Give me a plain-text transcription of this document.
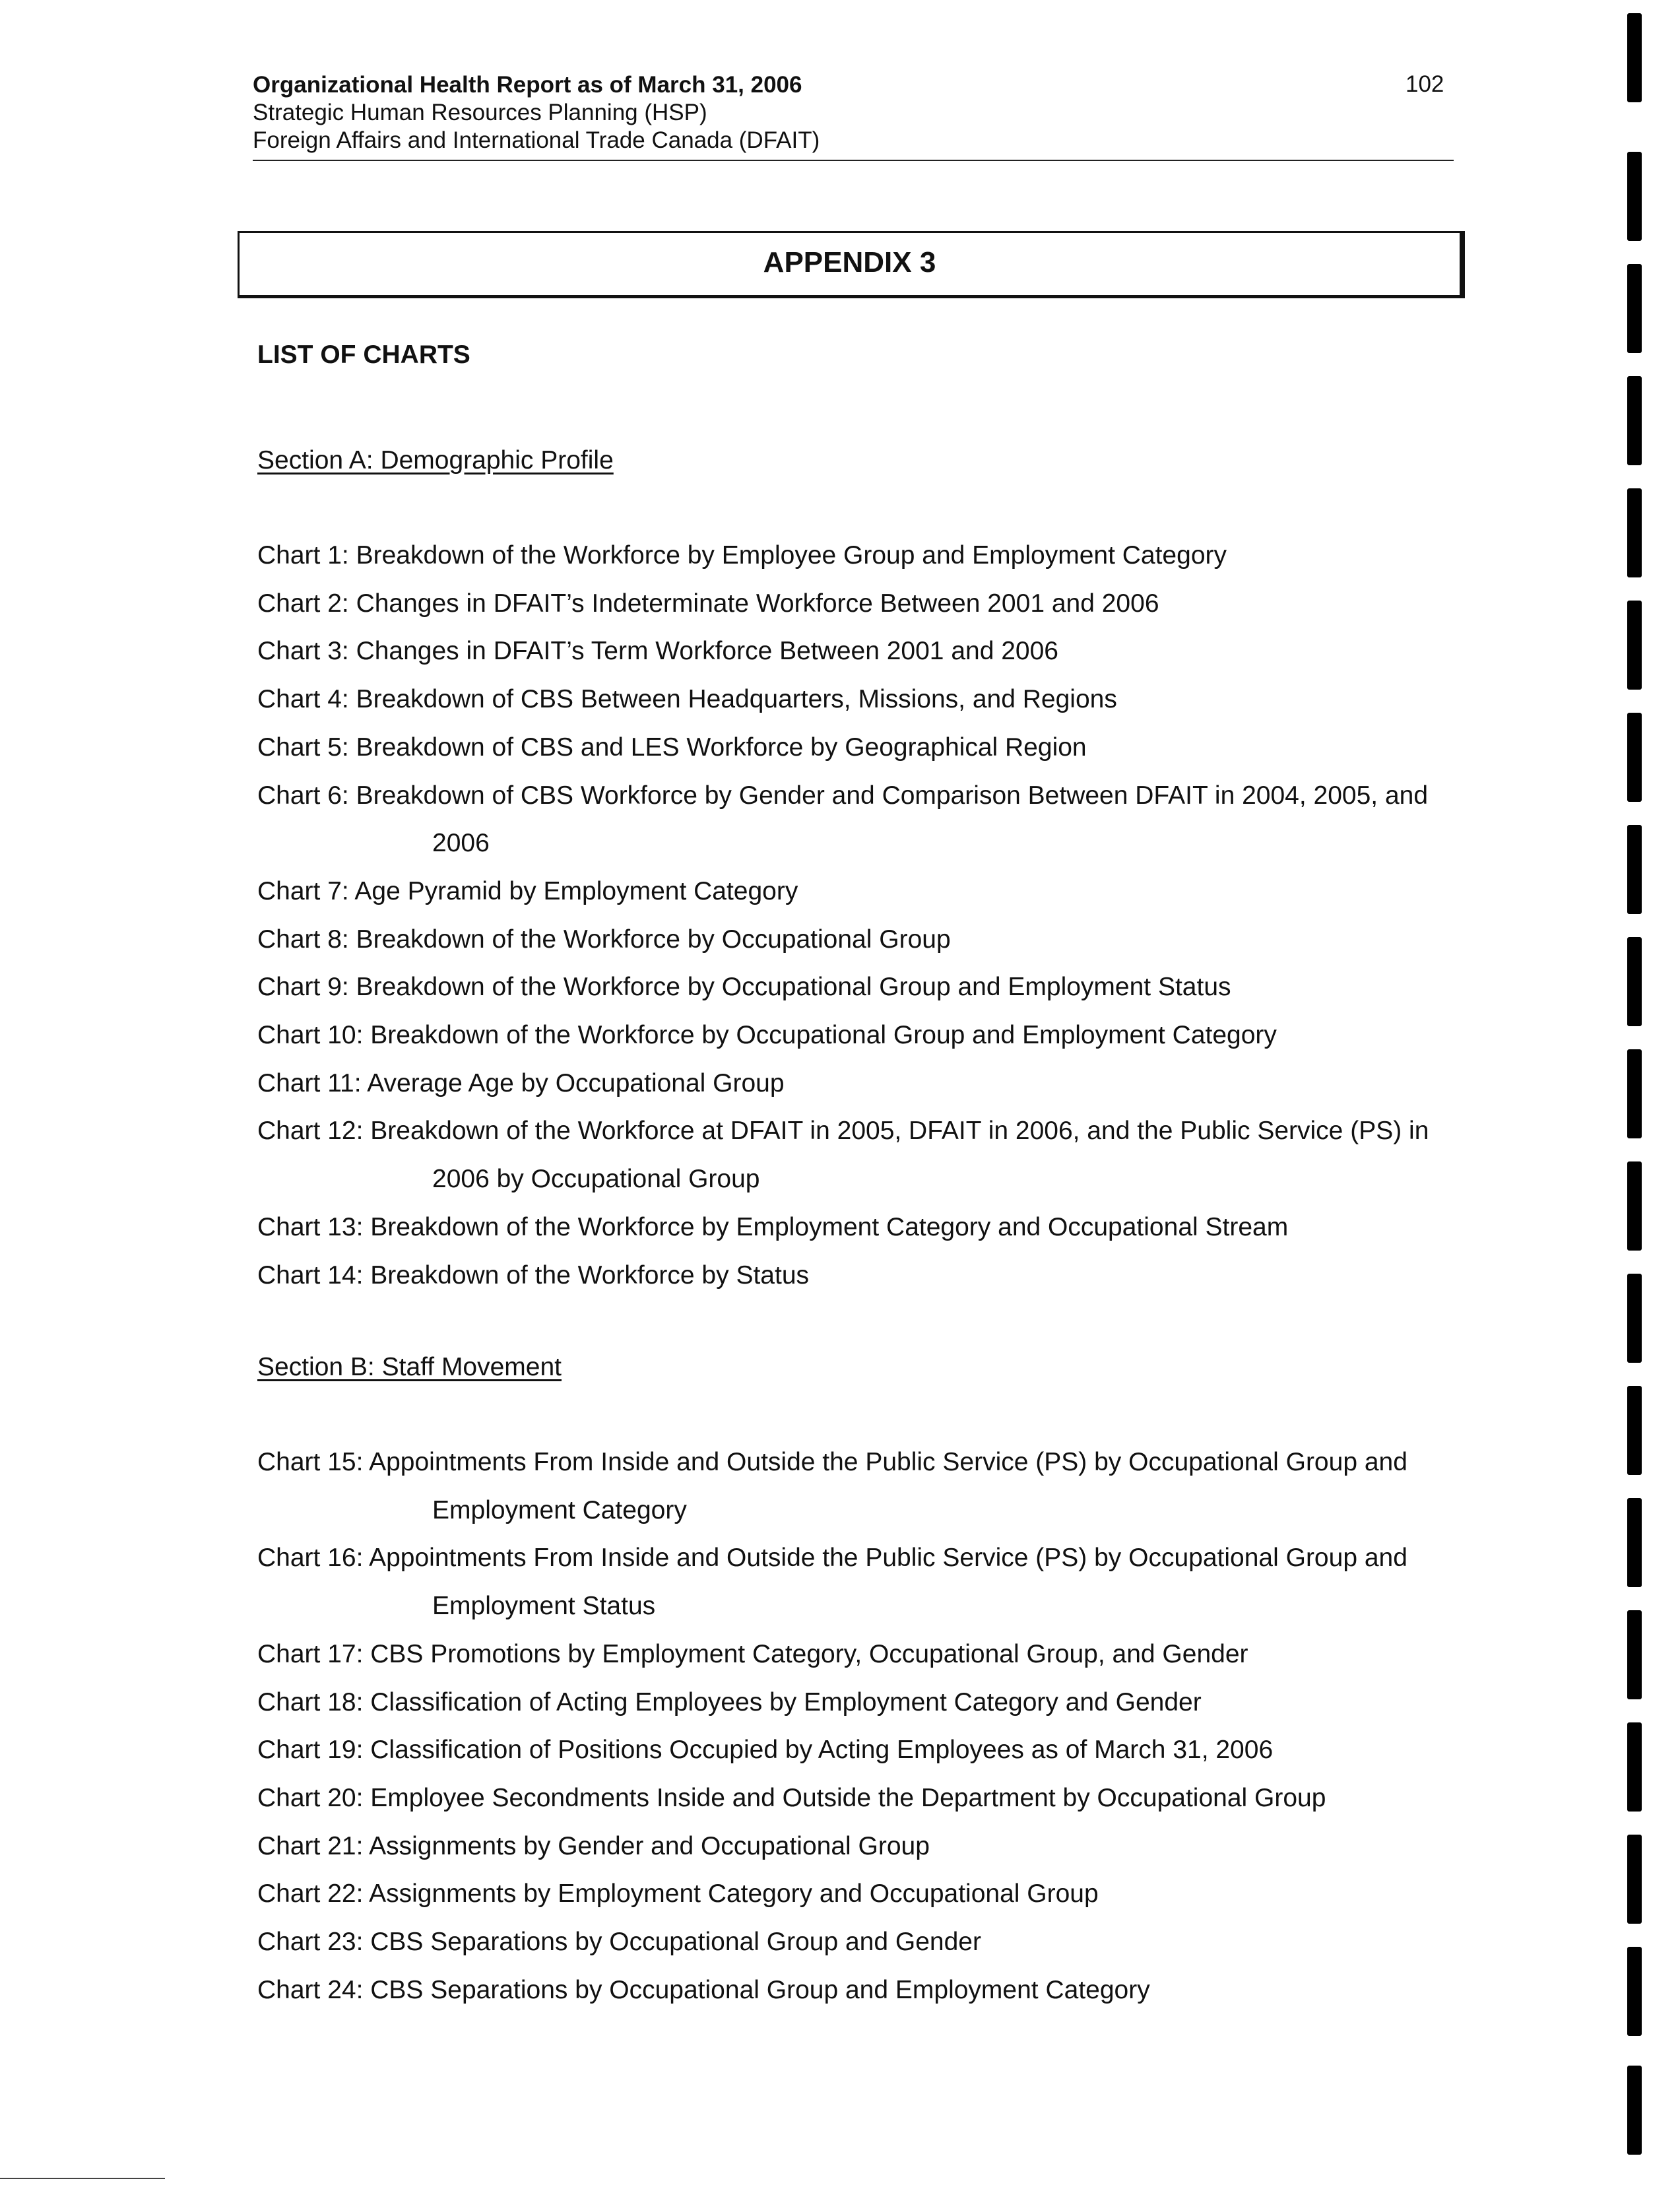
Organizational Health Report as of March 31, 2006
Strategic Human Resources Planning (HSP)
Foreign Affairs and International Trade Canada (DFAIT)
102
APPENDIX 3
LIST OF CHARTS
Section A: Demographic Profile
Chart 1: Breakdown of the Workforce by Employee Group and Employment Category
Chart 2: Changes in DFAIT’s Indeterminate Workforce Between 2001 and 2006
Chart 3: Changes in DFAIT’s Term Workforce Between 2001 and 2006
Chart 4: Breakdown of CBS Between Headquarters, Missions, and Regions
Chart 5: Breakdown of CBS and LES Workforce by Geographical Region
Chart 6: Breakdown of CBS Workforce by Gender and Comparison Between DFAIT in 2004, 2005, and 2006
Chart 7: Age Pyramid by Employment Category
Chart 8: Breakdown of the Workforce by Occupational Group
Chart 9: Breakdown of the Workforce by Occupational Group and Employment Status
Chart 10: Breakdown of the Workforce by Occupational Group and Employment Category
Chart 11: Average Age by Occupational Group
Chart 12: Breakdown of the Workforce at DFAIT in 2005, DFAIT in 2006, and the Public Service (PS) in 2006 by Occupational Group
Chart 13: Breakdown of the Workforce by Employment Category and Occupational Stream
Chart 14: Breakdown of the Workforce by Status
Section B: Staff Movement
Chart 15: Appointments From Inside and Outside the Public Service (PS) by Occupational Group and Employment Category
Chart 16: Appointments From Inside and Outside the Public Service (PS) by Occupational Group and Employment Status
Chart 17: CBS Promotions by Employment Category, Occupational Group, and Gender
Chart 18: Classification of Acting Employees by Employment Category and Gender
Chart 19: Classification of Positions Occupied by Acting Employees as of March 31, 2006
Chart 20: Employee Secondments Inside and Outside the Department by Occupational Group
Chart 21: Assignments by Gender and Occupational Group
Chart 22: Assignments by Employment Category and Occupational Group
Chart 23: CBS Separations by Occupational Group and Gender
Chart 24: CBS Separations by Occupational Group and Employment Category
